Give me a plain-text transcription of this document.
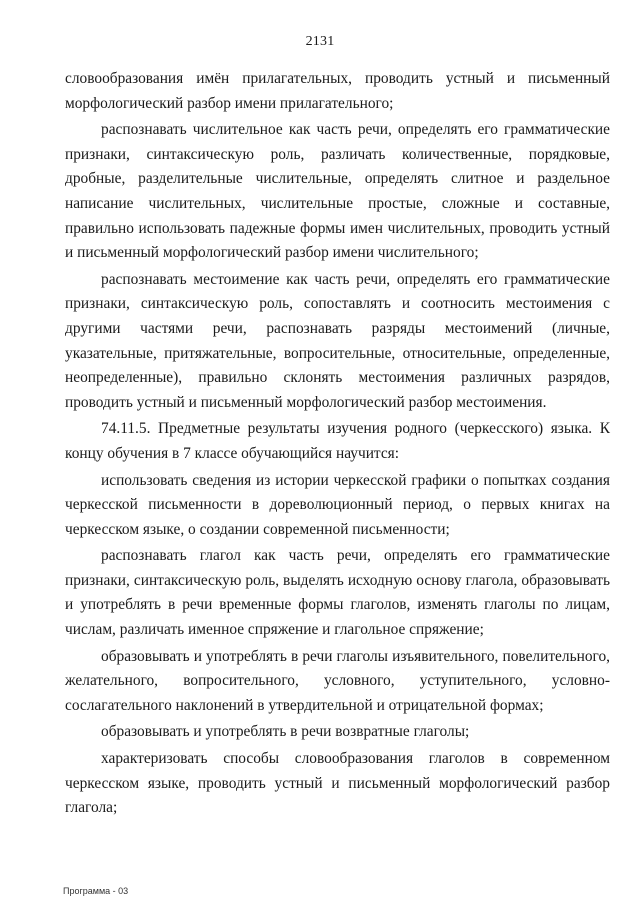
2131

словообразования имён прилагательных, проводить устный и письменный морфологический разбор имени прилагательного;

распознавать числительное как часть речи, определять его грамматические признаки, синтаксическую роль, различать количественные, порядковые, дробные, разделительные числительные, определять слитное и раздельное написание числительных, числительные простые, сложные и составные, правильно использовать падежные формы имен числительных, проводить устный и письменный морфологический разбор имени числительного;

распознавать местоимение как часть речи, определять его грамматические признаки, синтаксическую роль, сопоставлять и соотносить местоимения с другими частями речи, распознавать разряды местоимений (личные, указательные, притяжательные, вопросительные, относительные, определенные, неопределенные), правильно склонять местоимения различных разрядов, проводить устный и письменный морфологический разбор местоимения.

74.11.5. Предметные результаты изучения родного (черкесского) языка. К концу обучения в 7 классе обучающийся научится:

использовать сведения из истории черкесской графики о попытках создания черкесской письменности в дореволюционный период, о первых книгах на черкесском языке, о создании современной письменности;

распознавать глагол как часть речи, определять его грамматические признаки, синтаксическую роль, выделять исходную основу глагола, образовывать и употреблять в речи временные формы глаголов, изменять глаголы по лицам, числам, различать именное спряжение и глагольное спряжение;

образовывать и употреблять в речи глаголы изъявительного, повелительного, желательного, вопросительного, условного, уступительного, условно-сослагательного наклонений в утвердительной и отрицательной формах;

образовывать и употреблять в речи возвратные глаголы;

характеризовать способы словообразования глаголов в современном черкесском языке, проводить устный и письменный морфологический разбор глагола;

Программа - 03
